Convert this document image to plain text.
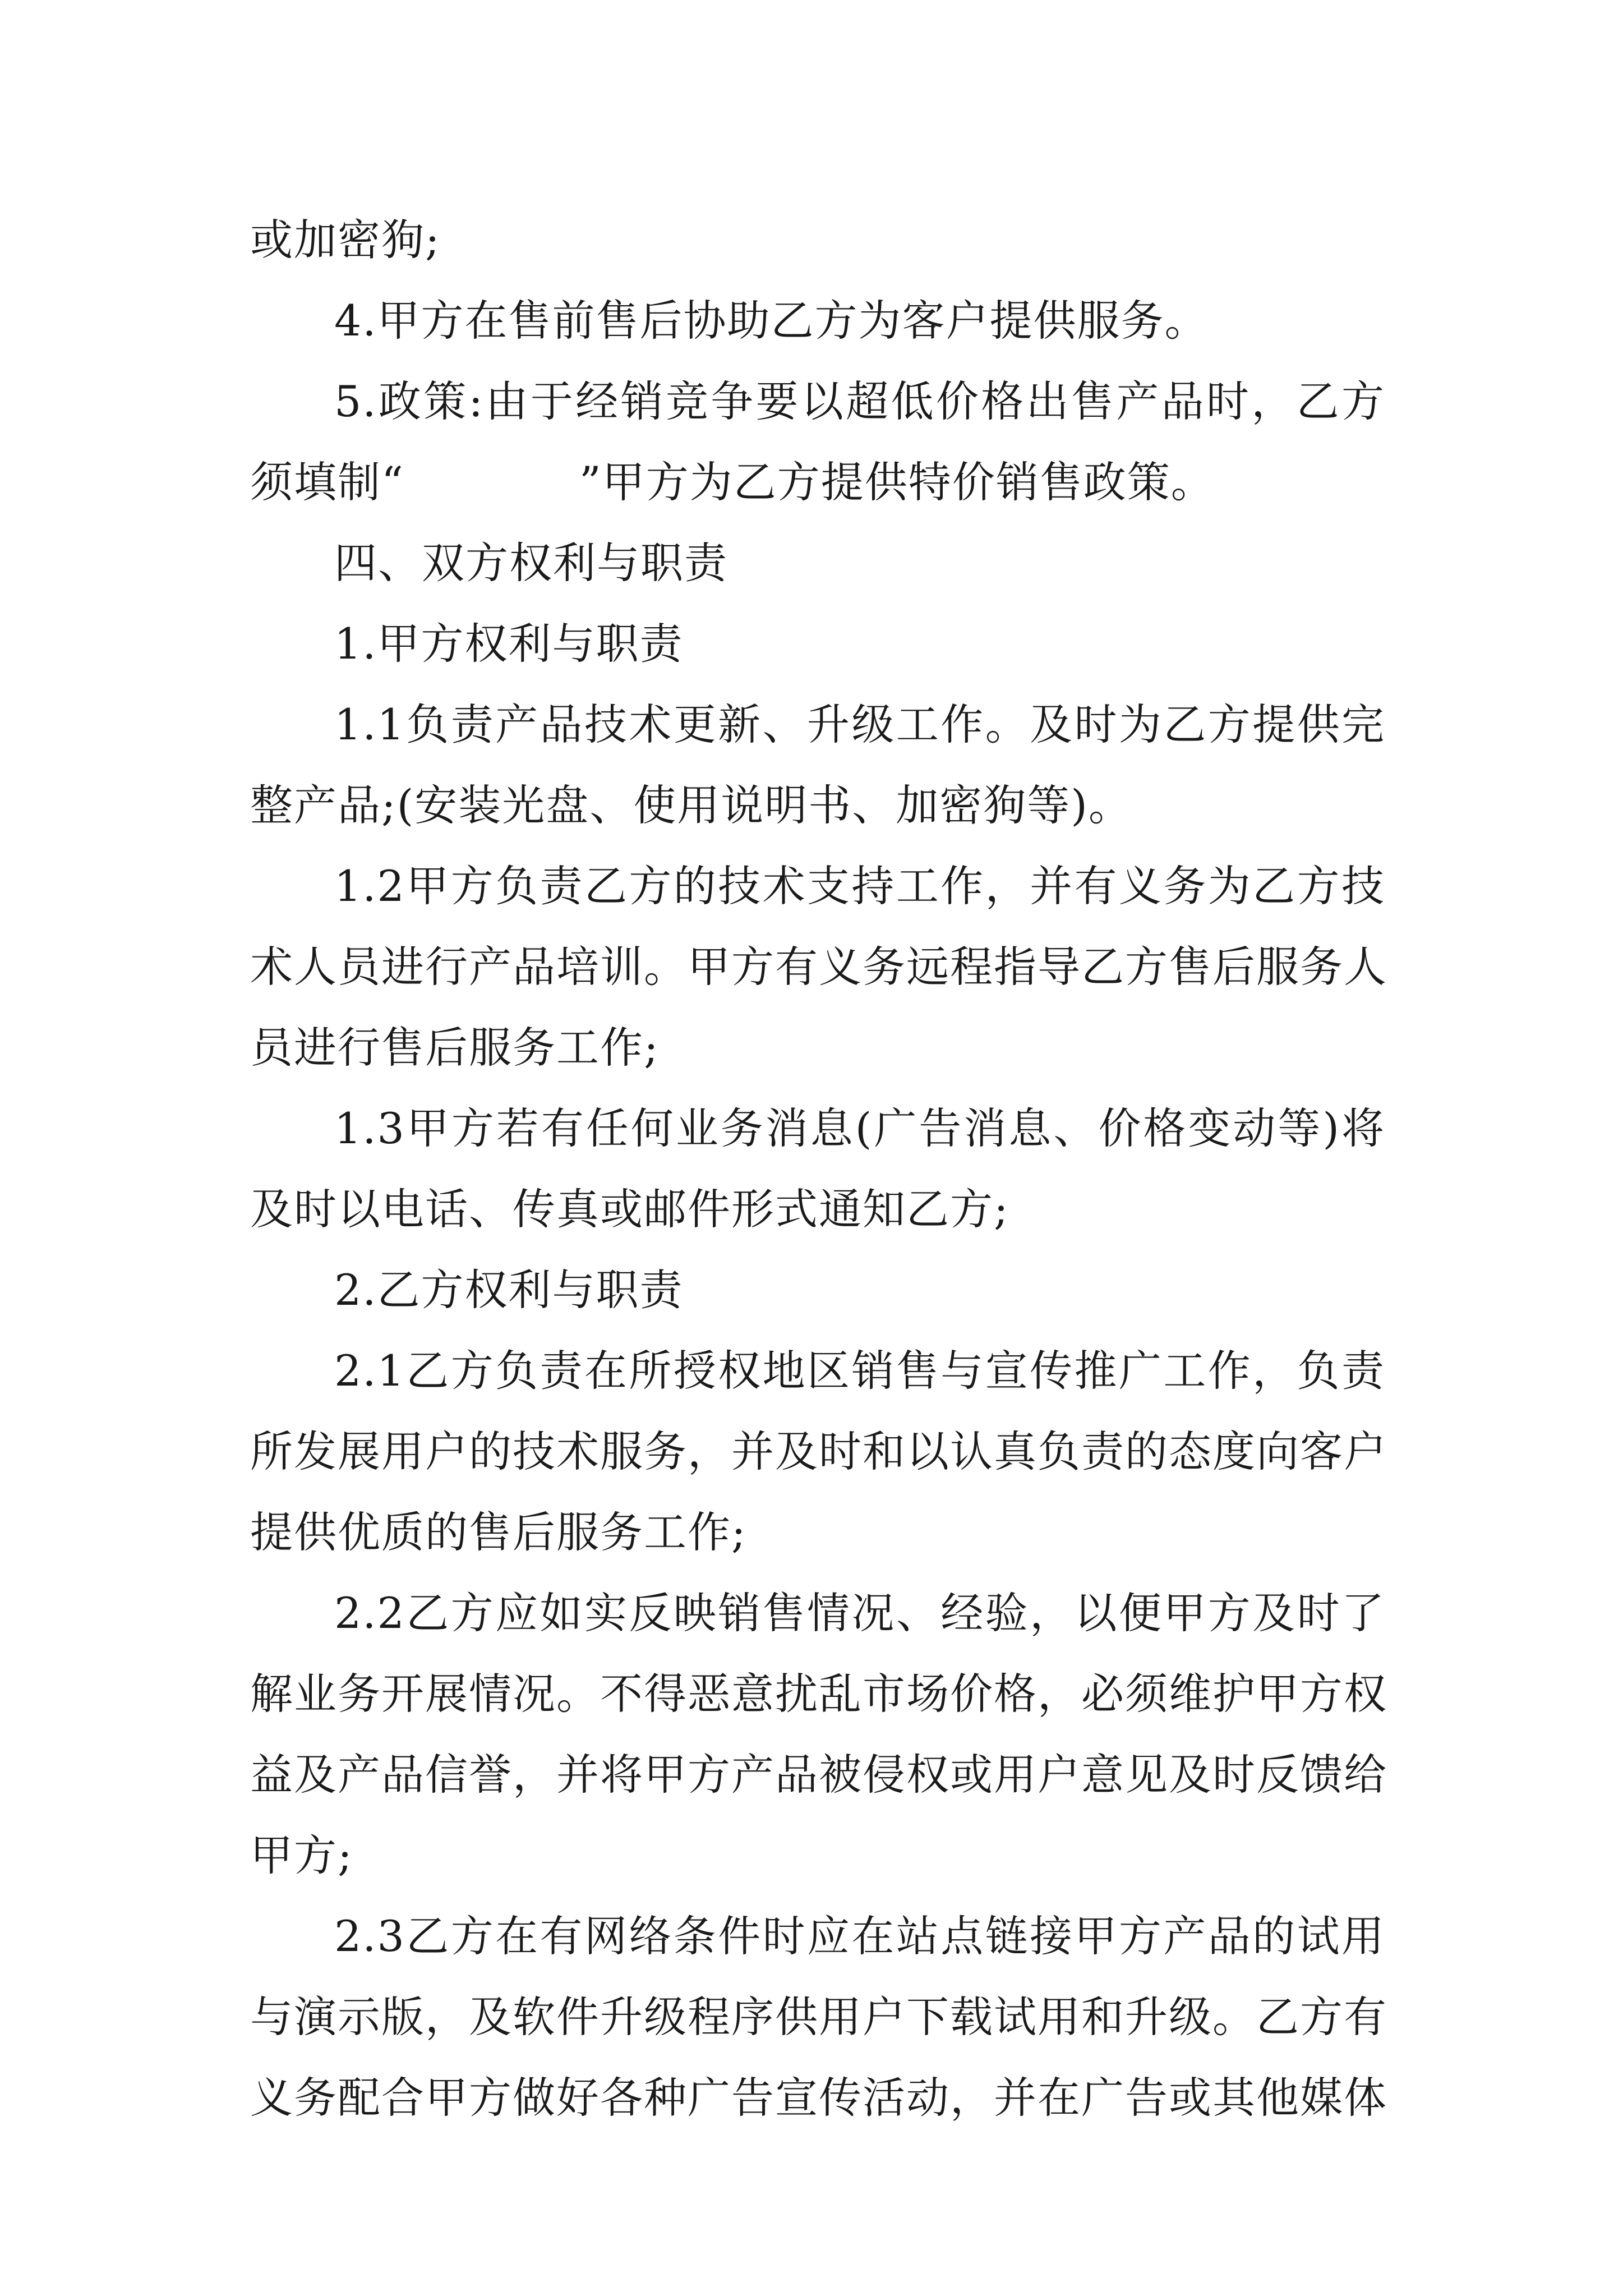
或加密狗;
4.甲方在售前售后协助乙方为客户提供服务。
5.政策:由于经销竞争要以超低价格出售产品时，乙方
须填制“　　　　”甲方为乙方提供特价销售政策。
四、双方权利与职责
1.甲方权利与职责
1.1负责产品技术更新、升级工作。及时为乙方提供完
整产品;(安装光盘、使用说明书、加密狗等)。
1.2甲方负责乙方的技术支持工作，并有义务为乙方技
术人员进行产品培训。甲方有义务远程指导乙方售后服务人
员进行售后服务工作;
1.3甲方若有任何业务消息(广告消息、价格变动等)将
及时以电话、传真或邮件形式通知乙方;
2.乙方权利与职责
2.1乙方负责在所授权地区销售与宣传推广工作，负责
所发展用户的技术服务，并及时和以认真负责的态度向客户
提供优质的售后服务工作;
2.2乙方应如实反映销售情况、经验，以便甲方及时了
解业务开展情况。不得恶意扰乱市场价格，必须维护甲方权
益及产品信誉，并将甲方产品被侵权或用户意见及时反馈给
甲方;
2.3乙方在有网络条件时应在站点链接甲方产品的试用
与演示版，及软件升级程序供用户下载试用和升级。乙方有
义务配合甲方做好各种广告宣传活动，并在广告或其他媒体
